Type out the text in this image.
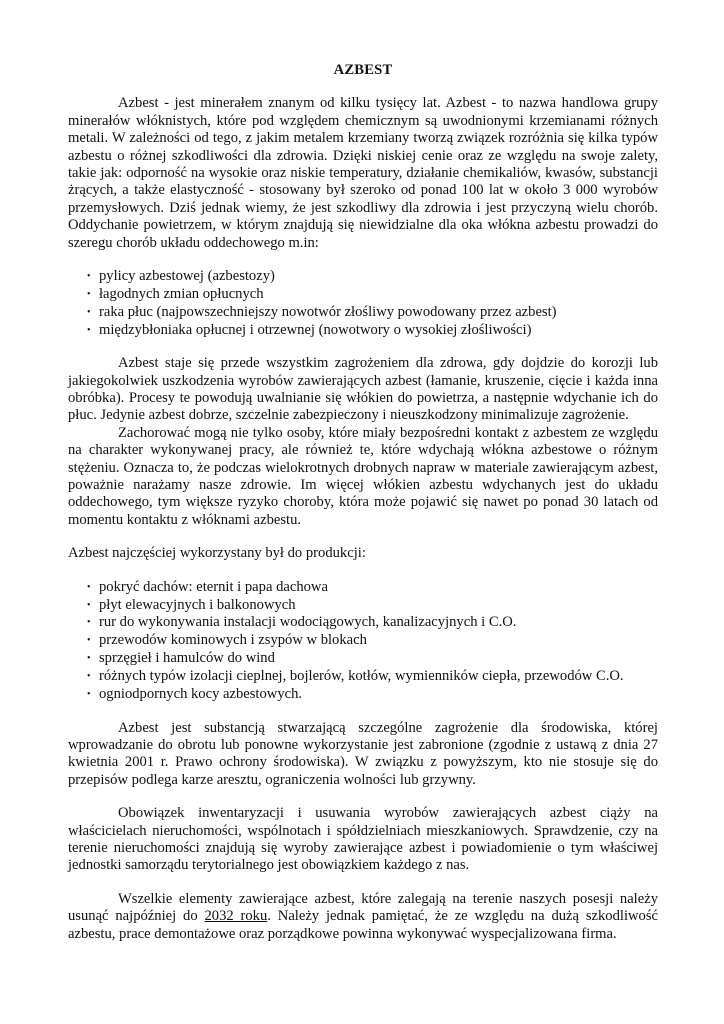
AZBEST

Azbest - jest minerałem znanym od kilku tysięcy lat. Azbest - to nazwa handlowa grupy minerałów włóknistych, które pod względem chemicznym są uwodnionymi krzemianami różnych metali. W zależności od tego, z jakim metalem krzemiany tworzą związek rozróżnia się kilka typów azbestu o różnej szkodliwości dla zdrowia. Dzięki niskiej cenie oraz ze względu na swoje zalety, takie jak: odporność na wysokie oraz niskie temperatury, działanie chemikaliów, kwasów, substancji żrących, a także elastyczność - stosowany był szeroko od ponad 100 lat w około 3 000 wyrobów przemysłowych. Dziś jednak wiemy, że jest szkodliwy dla zdrowia i jest przyczyną wielu chorób. Oddychanie powietrzem, w którym znajdują się niewidzialne dla oka włókna azbestu prowadzi do szeregu chorób układu oddechowego m.in:

• pylicy azbestowej (azbestozy)
• łagodnych zmian opłucnych
• raka płuc (najpowszechniejszy nowotwór złośliwy powodowany przez azbest)
• międzybłoniaka opłucnej i otrzewnej (nowotwory o wysokiej złośliwości)

Azbest staje się przede wszystkim zagrożeniem dla zdrowa, gdy dojdzie do korozji lub jakiegokolwiek uszkodzenia wyrobów zawierających azbest (łamanie, kruszenie, cięcie i każda inna obróbka). Procesy te powodują uwalnianie się włókien do powietrza, a następnie wdychanie ich do płuc. Jedynie azbest dobrze, szczelnie zabezpieczony i nieuszkodzony minimalizuje zagrożenie.

Zachorować mogą nie tylko osoby, które miały bezpośredni kontakt z azbestem ze względu na charakter wykonywanej pracy, ale również te, które wdychają włókna azbestowe o różnym stężeniu. Oznacza to, że podczas wielokrotnych drobnych napraw w materiale zawierającym azbest, poważnie narażamy nasze zdrowie. Im więcej włókien azbestu wdychanych jest do układu oddechowego, tym większe ryzyko choroby, która może pojawić się nawet po ponad 30 latach od momentu kontaktu z włóknami azbestu.

Azbest najczęściej wykorzystany był do produkcji:

• pokryć dachów: eternit i papa dachowa
• płyt elewacyjnych i balkonowych
• rur do wykonywania instalacji wodociągowych, kanalizacyjnych i C.O.
• przewodów kominowych i zsypów w blokach
• sprzęgieł i hamulców do wind
• różnych typów izolacji cieplnej, bojlerów, kotłów, wymienników ciepła, przewodów C.O.
• ogniodpornych kocy azbestowych.

Azbest jest substancją stwarzającą szczególne zagrożenie dla środowiska, której wprowadzanie do obrotu lub ponowne wykorzystanie jest zabronione (zgodnie z ustawą z dnia 27 kwietnia 2001 r. Prawo ochrony środowiska). W związku z powyższym, kto nie stosuje się do przepisów podlega karze aresztu, ograniczenia wolności lub grzywny.

Obowiązek inwentaryzacji i usuwania wyrobów zawierających azbest ciąży na właścicielach nieruchomości, wspólnotach i spółdzielniach mieszkaniowych. Sprawdzenie, czy na terenie nieruchomości znajdują się wyroby zawierające azbest i powiadomienie o tym właściwej jednostki samorządu terytorialnego jest obowiązkiem każdego z nas.

Wszelkie elementy zawierające azbest, które zalegają na terenie naszych posesji należy usunąć najpóźniej do 2032 roku. Należy jednak pamiętać, że ze względu na dużą szkodliwość azbestu, prace demontażowe oraz porządkowe powinna wykonywać wyspecjalizowana firma.
